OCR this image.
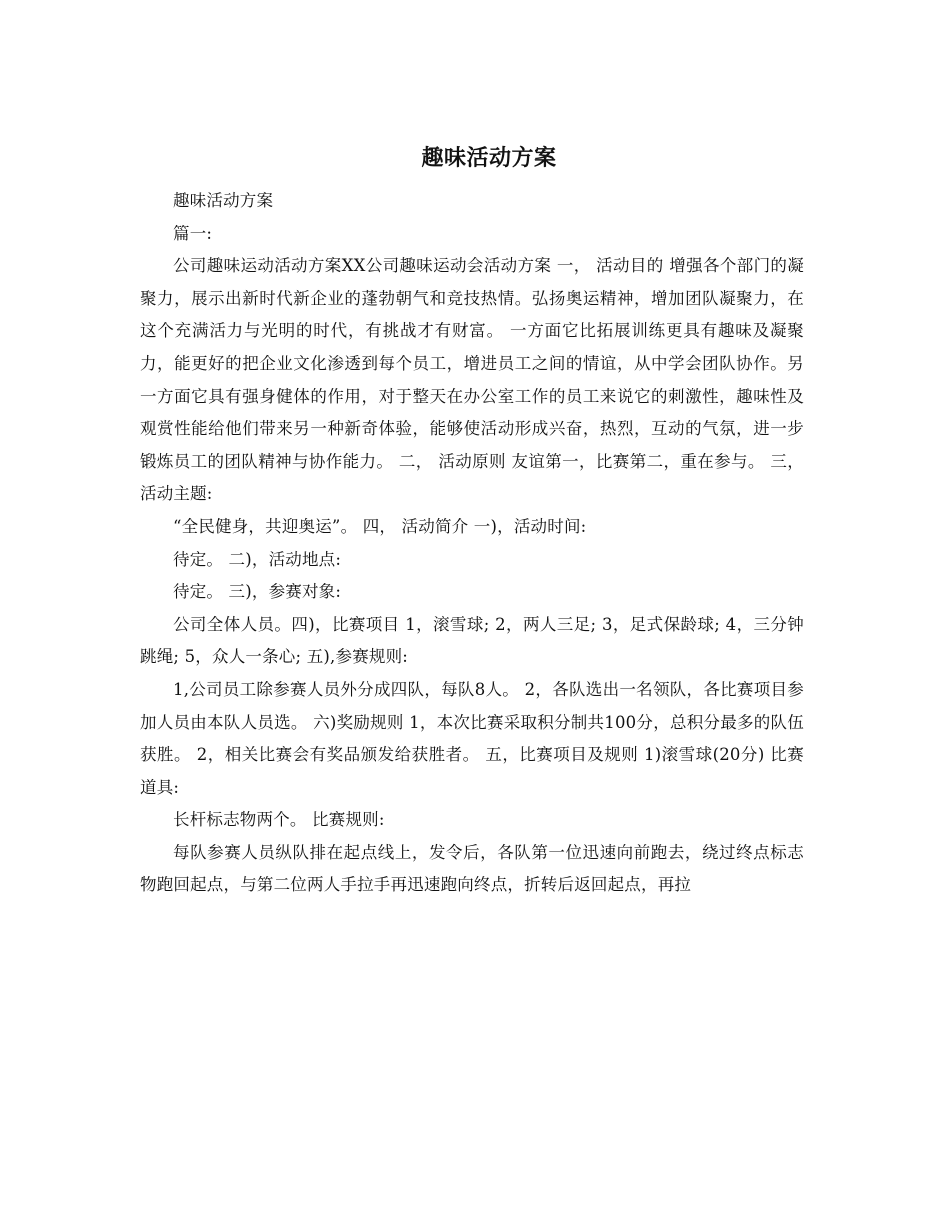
趣味活动方案

趣味活动方案

篇一:

公司趣味运动活动方案XX公司趣味运动会活动方案 一， 活动目的 增强各个部门的凝聚力，展示出新时代新企业的蓬勃朝气和竞技热情。弘扬奥运精神，增加团队凝聚力，在这个充满活力与光明的时代，有挑战才有财富。 一方面它比拓展训练更具有趣味及凝聚力，能更好的把企业文化渗透到每个员工，增进员工之间的情谊，从中学会团队协作。另一方面它具有强身健体的作用，对于整天在办公室工作的员工来说它的刺激性，趣味性及观赏性能给他们带来另一种新奇体验，能够使活动形成兴奋，热烈，互动的气氛，进一步锻炼员工的团队精神与协作能力。 二， 活动原则 友谊第一，比赛第二，重在参与。 三， 活动主题:

“全民健身，共迎奥运”。 四， 活动简介 一)，活动时间:

待定。 二)，活动地点:

待定。 三)，参赛对象:

公司全体人员。四)，比赛项目 1，滚雪球; 2，两人三足; 3，足式保龄球; 4，三分钟跳绳; 5，众人一条心; 五),参赛规则:

1,公司员工除参赛人员外分成四队，每队8人。 2，各队选出一名领队，各比赛项目参加人员由本队人员选。 六)奖励规则 1，本次比赛采取积分制共100分，总积分最多的队伍获胜。 2，相关比赛会有奖品颁发给获胜者。 五，比赛项目及规则 1)滚雪球(20分) 比赛道具:

长杆标志物两个。 比赛规则:

每队参赛人员纵队排在起点线上，发令后，各队第一位迅速向前跑去，绕过终点标志物跑回起点，与第二位两人手拉手再迅速跑向终点，折转后返回起点，再拉
